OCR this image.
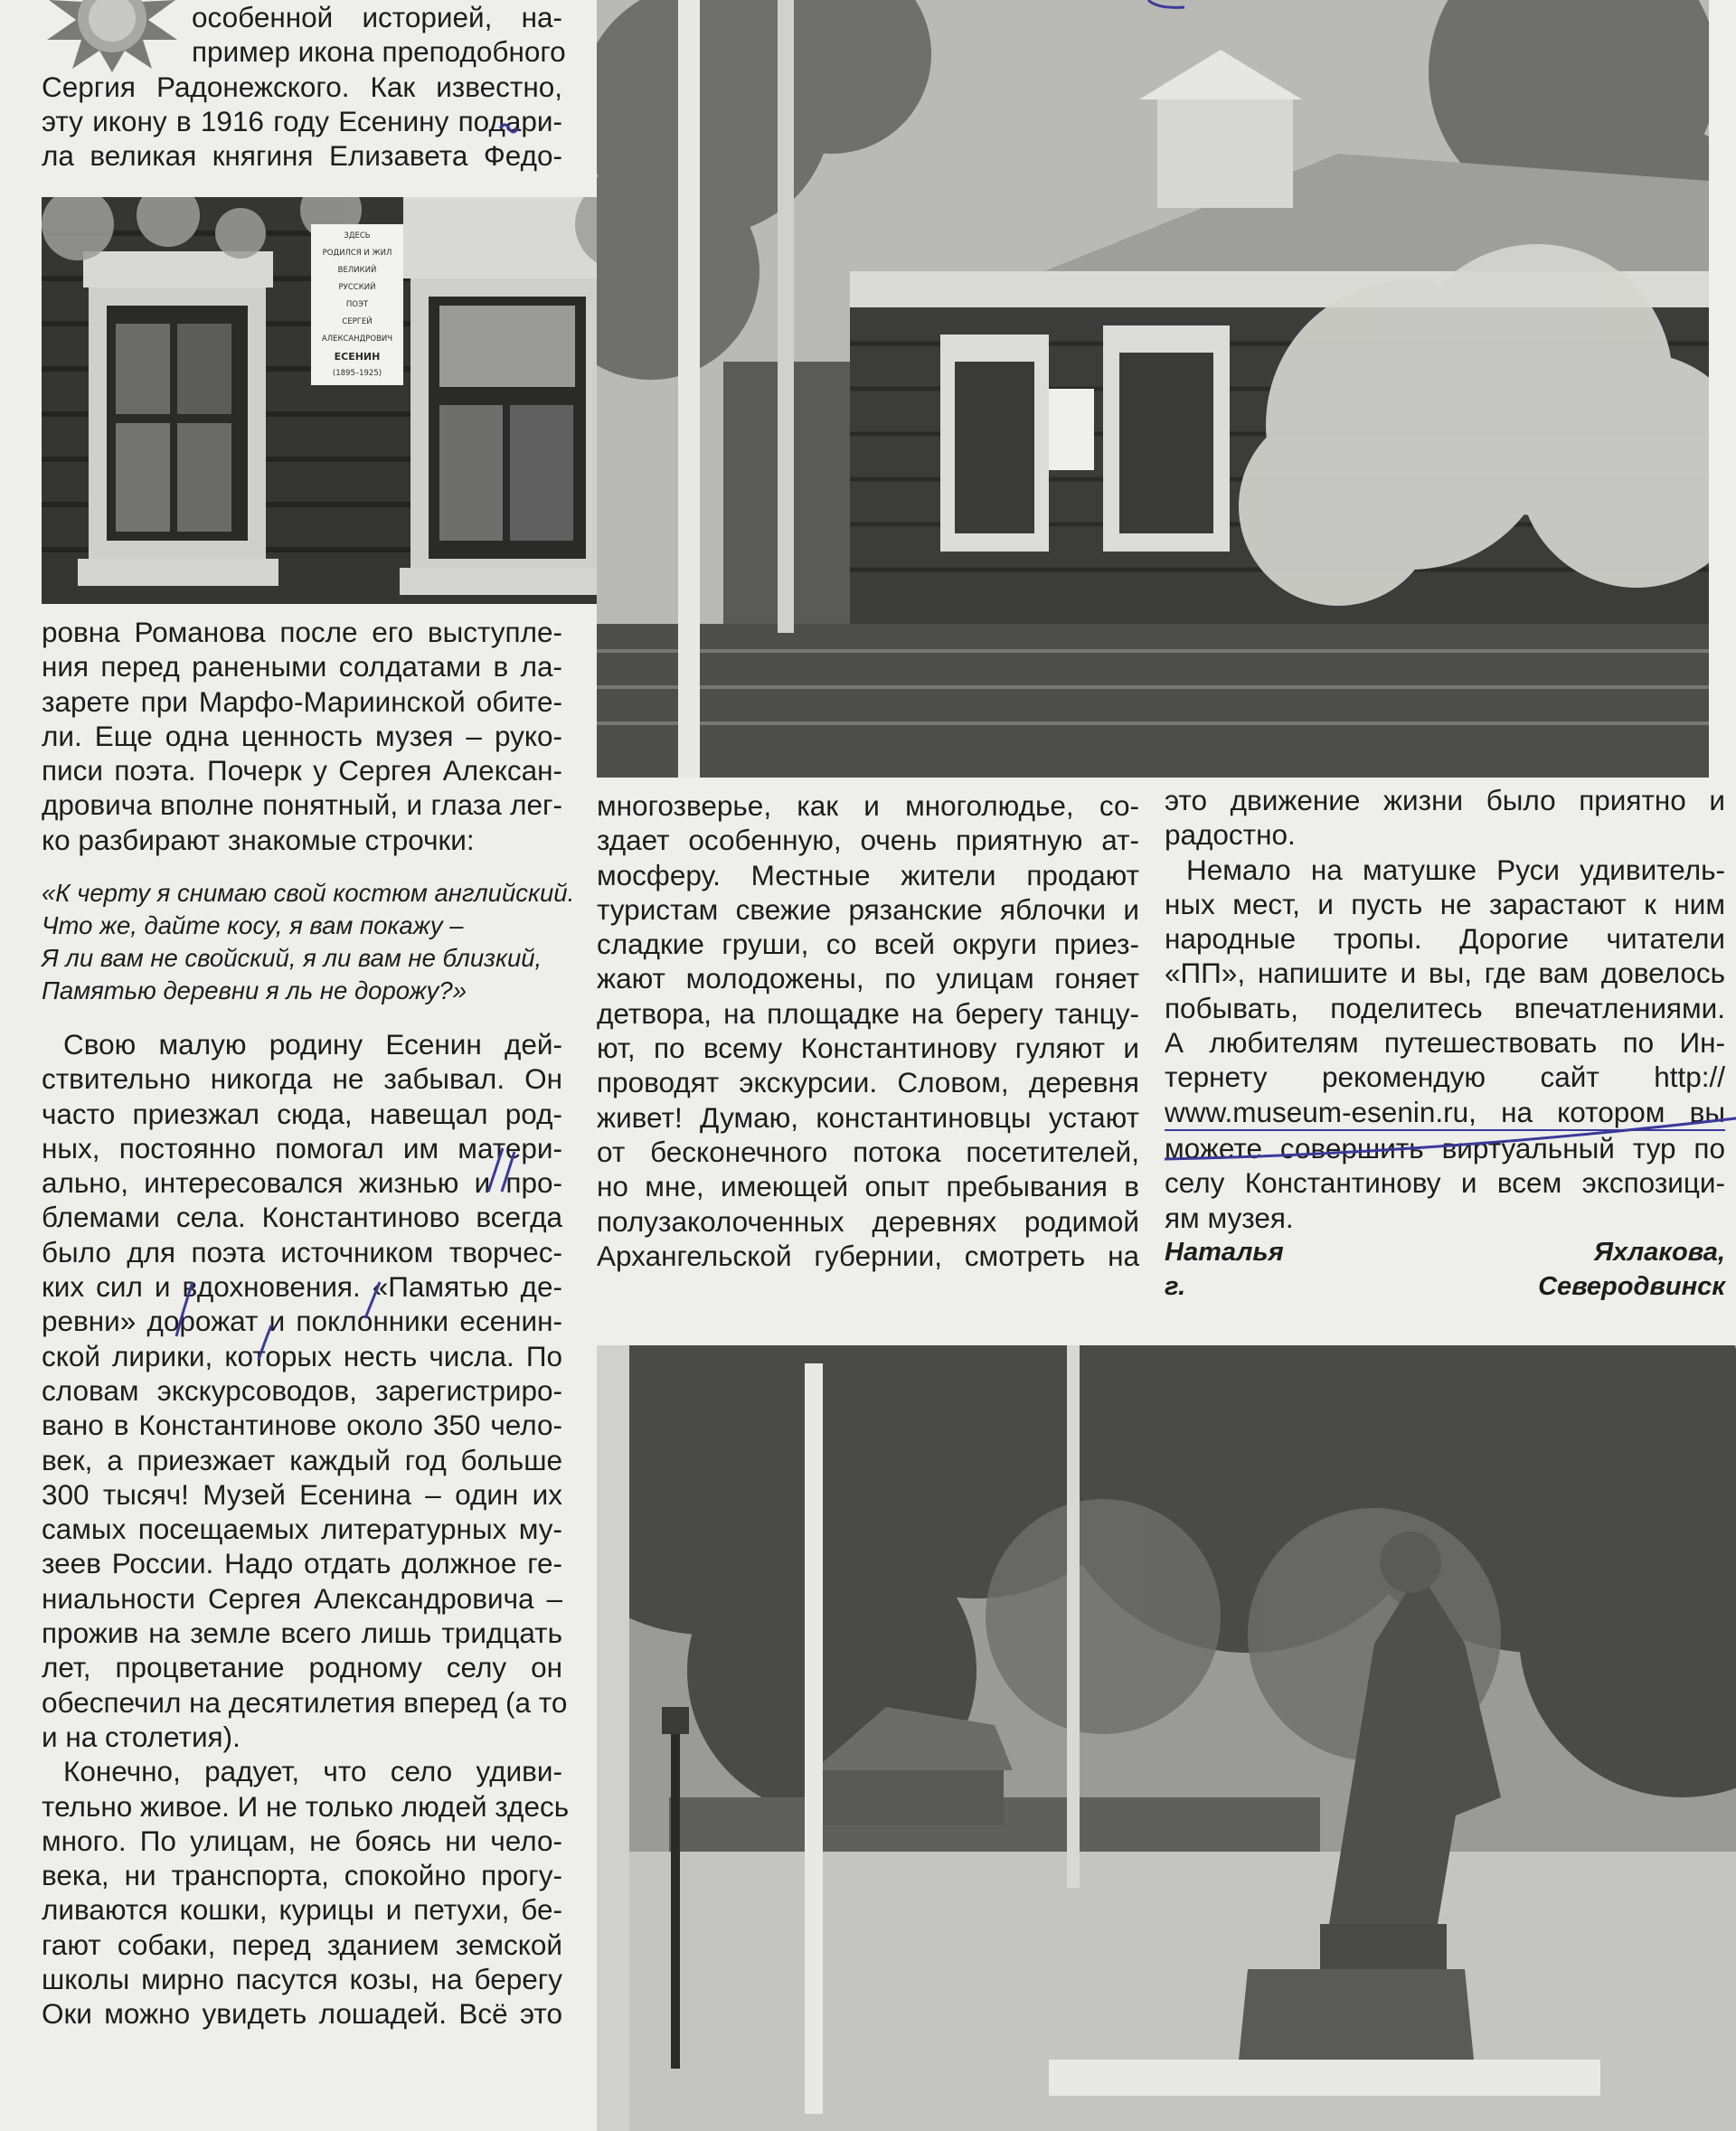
особенной историей, на-
пример икона преподобного
Сергия Радонежского. Как известно,
эту икону в 1916 году Есенину подари-
ла великая княгиня Елизавета Федо-
ЗДЕСЬ
РОДИЛСЯ И ЖИЛ
ВЕЛИКИЙ
РУССКИЙ
ПОЭТ
СЕРГЕЙ
АЛЕКСАНДРОВИЧ
ЕСЕНИН
(1895–1925)
ровна Романова после его выступле-
ния перед ранеными солдатами в ла-
зарете при Марфо-Мариинской обите-
ли. Еще одна ценность музея – руко-
писи поэта. Почерк у Сергея Алексан-
дровича вполне понятный, и глаза лег-
ко разбирают знакомые строчки:
«К черту я снимаю свой костюм английский.
Что же, дайте косу, я вам покажу –
Я ли вам не свойский, я ли вам не близкий,
Памятью деревни я ль не дорожу?»
Свою малую родину Есенин дей-
ствительно никогда не забывал. Он
часто приезжал сюда, навещал род-
ных, постоянно помогал им матери-
ально, интересовался жизнью и про-
блемами села. Константиново всегда
было для поэта источником творчес-
ких сил и вдохновения. «Памятью де-
ревни» дорожат и поклонники есенин-
ской лирики, которых несть числа. По
словам экскурсоводов, зарегистриро-
вано в Константинове около 350 чело-
век, а приезжает каждый год больше
300 тысяч! Музей Есенина – один их
самых посещаемых литературных му-
зеев России. Надо отдать должное ге-
ниальности Сергея Александровича –
прожив на земле всего лишь тридцать
лет, процветание родному селу он
обеспечил на десятилетия вперед (а то
и на столетия).
Конечно, радует, что село удиви-
тельно живое. И не только людей здесь
много. По улицам, не боясь ни чело-
века, ни транспорта, спокойно прогу-
ливаются кошки, курицы и петухи, бе-
гают собаки, перед зданием земской
школы мирно пасутся козы, на берегу
Оки можно увидеть лошадей. Всё это
многозверье, как и многолюдье, со-
здает особенную, очень приятную ат-
мосферу. Местные жители продают
туристам свежие рязанские яблочки и
сладкие груши, со всей округи приез-
жают молодожены, по улицам гоняет
детвора, на площадке на берегу танцу-
ют, по всему Константинову гуляют и
проводят экскурсии. Словом, деревня
живет! Думаю, константиновцы устают
от бесконечного потока посетителей,
но мне, имеющей опыт пребывания в
полузаколоченных деревнях родимой
Архангельской губернии, смотреть на
это движение жизни было приятно и
радостно.
Немало на матушке Руси удивитель-
ных мест, и пусть не зарастают к ним
народные тропы. Дорогие читатели
«ПП», напишите и вы, где вам довелось
побывать, поделитесь впечатлениями.
А любителям путешествовать по Ин-
тернету рекомендую сайт http://
www.museum-esenin.ru, на котором вы
можете совершить виртуальный тур по
селу Константинову и всем экспозици-
ям музея.
Наталья Яхлакова,
г. Северодвинск
